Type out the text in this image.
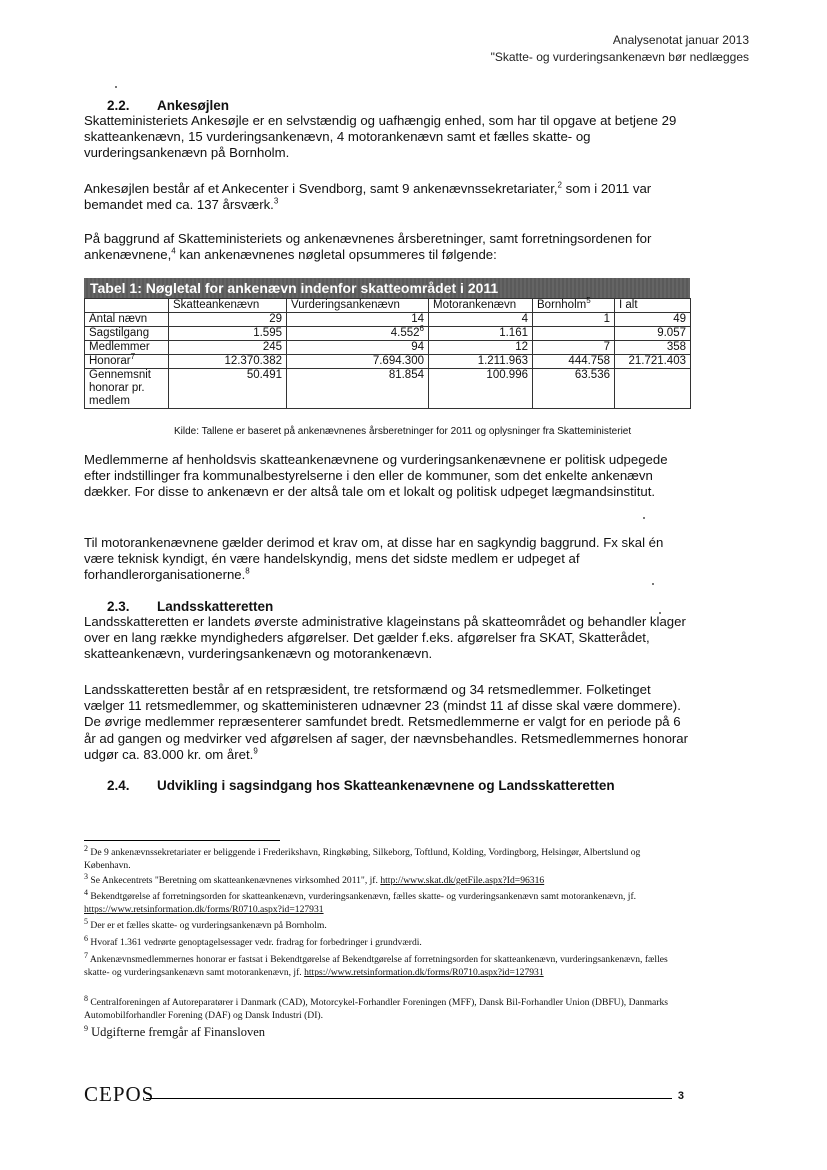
Analysenotat januar 2013
"Skatte- og vurderingsankenævn bør nedlægges
2.2. Ankesøjlen
Skatteministeriets Ankesøjle er en selvstændig og uafhængig enhed, som har til opgave at betjene 29 skatteankenævn, 15 vurderingsankenævn, 4 motorankenævn samt et fælles skatte- og vurderingsankenævn på Bornholm.
Ankesøjlen består af et Ankecenter i Svendborg, samt 9 ankenævnssekretariater,$^2$ som i 2011 var bemandet med ca. 137 årsværk.$^3$
På baggrund af Skatteministeriets og ankenævnenes årsberetninger, samt forretningsordenen for ankenævnene,$^4$ kan ankenævnenes nøgletal opsummeres til følgende:
Tabel 1: Nøgletal for ankenævn indenfor skatteområdet i 2011
	Skatteankenævn	Vurderingsankenævn	Motorankenævn	Bornholm$^5$	I alt
Antal nævn	29	14	4	1	49
Sagstilgang	1.595	4.552$^6$	1.161		9.057
Medlemmer	245	94	12	7	358
Honorar$^7$	12.370.382	7.694.300	1.211.963	444.758	21.721.403
Gennemsnit honorar pr. medlem	50.491	81.854	100.996	63.536	
Kilde: Tallene er baseret på ankenævnenes årsberetninger for 2011 og oplysninger fra Skatteministeriet
Medlemmerne af henholdsvis skatteankenævnene og vurderingsankenævnene er politisk udpegede efter indstillinger fra kommunalbestyrelserne i den eller de kommuner, som det enkelte ankenævn dækker. For disse to ankenævn er der altså tale om et lokalt og politisk udpeget lægmandsinstitut.
Til motorankenævnene gælder derimod et krav om, at disse har en sagkyndig baggrund. Fx skal én være teknisk kyndigt, én være handelskyndig, mens det sidste medlem er udpeget af forhandlerorganisationerne.$^8$
2.3. Landsskatteretten
Landsskatteretten er landets øverste administrative klageinstans på skatteområdet og behandler klager over en lang række myndigheders afgørelser. Det gælder f.eks. afgørelser fra SKAT, Skatterådet, skatteankenævn, vurderingsankenævn og motorankenævn.
Landsskatteretten består af en retspræsident, tre retsformænd og 34 retsmedlemmer. Folketinget vælger 11 retsmedlemmer, og skatteministeren udnævner 23 (mindst 11 af disse skal være dommere). De øvrige medlemmer repræsenterer samfundet bredt. Retsmedlemmerne er valgt for en periode på 6 år ad gangen og medvirker ved afgørelsen af sager, der nævnsbehandles. Retsmedlemmernes honorar udgør ca. 83.000 kr. om året.$^9$
2.4. Udvikling i sagsindgang hos Skatteankenævnene og Landsskatteretten
$^2$ De 9 ankenævnssekretariater er beliggende i Frederikshavn, Ringkøbing, Silkeborg, Toftlund, Kolding, Vordingborg, Helsingør, Albertslund og København.
$^3$ Se Ankecentrets "Beretning om skatteankenævnenes virksomhed 2011", jf. http://www.skat.dk/getFile.aspx?Id=96316
$^4$ Bekendtgørelse af forretningsorden for skatteankenævn, vurderingsankenævn, fælles skatte- og vurderingsankenævn samt motorankenævn, jf. https://www.retsinformation.dk/forms/R0710.aspx?id=127931
$^5$ Der er et fælles skatte- og vurderingsankenævn på Bornholm.
$^6$ Hvoraf 1.361 vedrørte genoptagelsessager vedr. fradrag for forbedringer i grundværdi.
$^7$ Ankenævnsmedlemmernes honorar er fastsat i Bekendtgørelse af Bekendtgørelse af forretningsorden for skatteankenævn, vurderingsankenævn, fælles skatte- og vurderingsankenævn samt motorankenævn, jf. https://www.retsinformation.dk/forms/R0710.aspx?id=127931
$^8$ Centralforeningen af Autoreparatører i Danmark (CAD), Motorcykel-Forhandler Foreningen (MFF), Dansk Bil-Forhandler Union (DBFU), Danmarks Automobilforhandler Forening (DAF) og Dansk Industri (DI).
$^9$ Udgifterne fremgår af Finansloven
CEPOS	3
